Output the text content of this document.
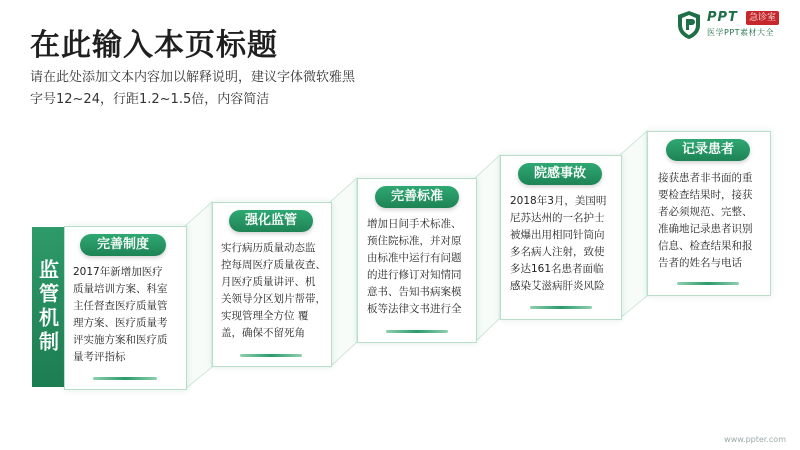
在此输入本页标题
请在此处添加文本内容加以解释说明，建议字体微软雅黑
字号12~24，行距1.2~1.5倍，内容简洁
PPT	急诊室
医学PPT素材大全
监管机制
完善制度
2017年新增加医疗
质量培训方案、科室
主任督查医疗质量管
理方案、医疗质量考
评实施方案和医疗质
量考评指标
强化监管
实行病历质量动态监
控每周医疗质量夜查、
月医疗质量讲评、机
关领导分区划片帮带，
实现管理全方位 覆
盖，确保不留死角
完善标准
增加日间手术标准、
预住院标准，并对原
由标准中运行有问题
的进行修订对知情同
意书、告知书病案模
板等法律文书进行全
院感事故
2018年3月，美国明
尼苏达州的一名护士
被爆出用相同针筒向
多名病人注射，致使
多达161名患者面临
感染艾滋病肝炎风险
记录患者
接获患者非书面的重
要检查结果时，接获
者必须规范、完整、
准确地记录患者识别
信息、检查结果和报
告者的姓名与电话
www.ppter.com
